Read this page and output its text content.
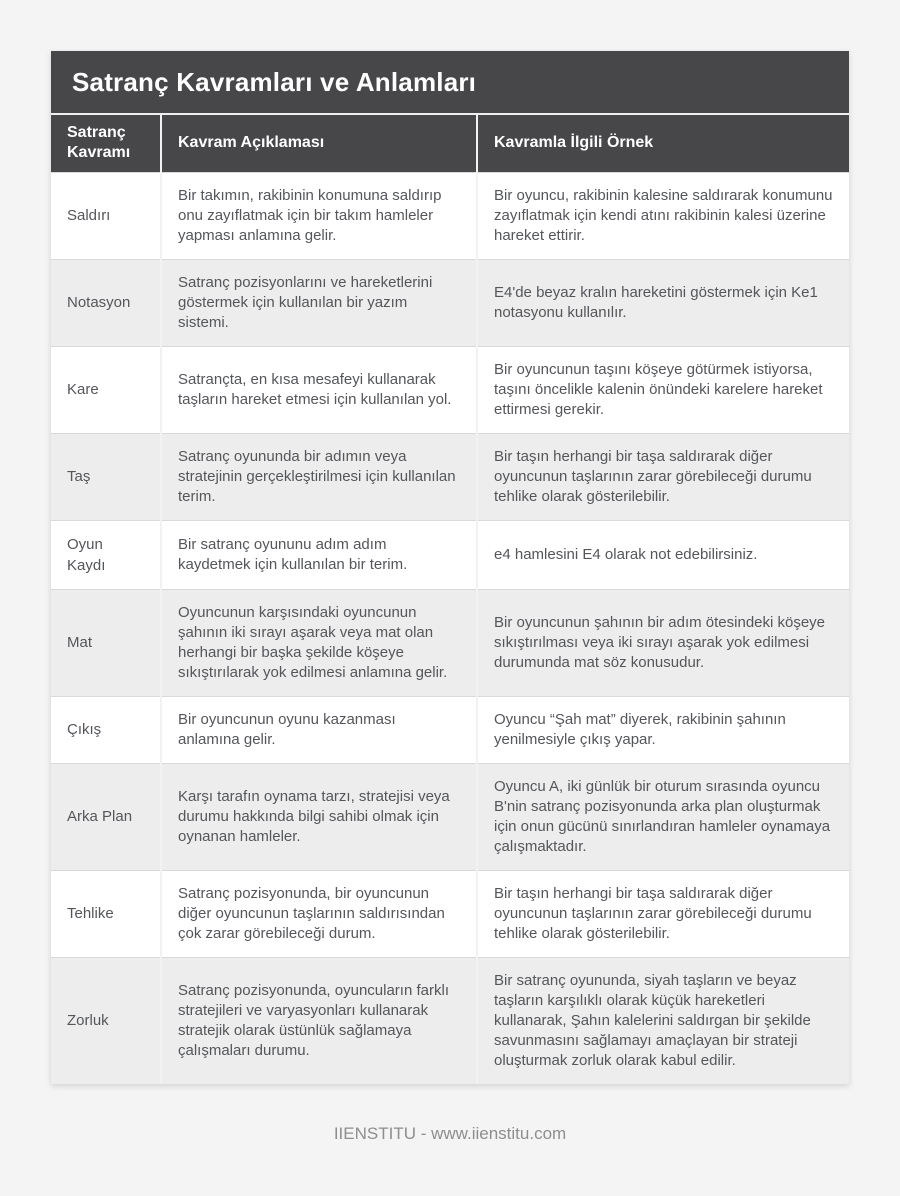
Satranç Kavramları ve Anlamları
Satranç Kavramı	Kavram Açıklaması	Kavramla İlgili Örnek
Saldırı	Bir takımın, rakibinin konumuna saldırıp onu zayıflatmak için bir takım hamleler yapması anlamına gelir.	Bir oyuncu, rakibinin kalesine saldırarak konumunu zayıflatmak için kendi atını rakibinin kalesi üzerine hareket ettirir.
Notasyon	Satranç pozisyonlarını ve hareketlerini göstermek için kullanılan bir yazım sistemi.	E4'de beyaz kralın hareketini göstermek için Ke1 notasyonu kullanılır.
Kare	Satrançta, en kısa mesafeyi kullanarak taşların hareket etmesi için kullanılan yol.	Bir oyuncunun taşını köşeye götürmek istiyorsa, taşını öncelikle kalenin önündeki karelere hareket ettirmesi gerekir.
Taş	Satranç oyununda bir adımın veya stratejinin gerçekleştirilmesi için kullanılan terim.	Bir taşın herhangi bir taşa saldırarak diğer oyuncunun taşlarının zarar görebileceği durumu tehlike olarak gösterilebilir.
Oyun Kaydı	Bir satranç oyununu adım adım kaydetmek için kullanılan bir terim.	e4 hamlesini E4 olarak not edebilirsiniz.
Mat	Oyuncunun karşısındaki oyuncunun şahının iki sırayı aşarak veya mat olan herhangi bir başka şekilde köşeye sıkıştırılarak yok edilmesi anlamına gelir.	Bir oyuncunun şahının bir adım ötesindeki köşeye sıkıştırılması veya iki sırayı aşarak yok edilmesi durumunda mat söz konusudur.
Çıkış	Bir oyuncunun oyunu kazanması anlamına gelir.	Oyuncu “Şah mat” diyerek, rakibinin şahının yenilmesiyle çıkış yapar.
Arka Plan	Karşı tarafın oynama tarzı, stratejisi veya durumu hakkında bilgi sahibi olmak için oynanan hamleler.	Oyuncu A, iki günlük bir oturum sırasında oyuncu B'nin satranç pozisyonunda arka plan oluşturmak için onun gücünü sınırlandıran hamleler oynamaya çalışmaktadır.
Tehlike	Satranç pozisyonunda, bir oyuncunun diğer oyuncunun taşlarının saldırısından çok zarar görebileceği durum.	Bir taşın herhangi bir taşa saldırarak diğer oyuncunun taşlarının zarar görebileceği durumu tehlike olarak gösterilebilir.
Zorluk	Satranç pozisyonunda, oyuncuların farklı stratejileri ve varyasyonları kullanarak stratejik olarak üstünlük sağlamaya çalışmaları durumu.	Bir satranç oyununda, siyah taşların ve beyaz taşların karşılıklı olarak küçük hareketleri kullanarak, Şahın kalelerini saldırgan bir şekilde savunmasını sağlamayı amaçlayan bir strateji oluşturmak zorluk olarak kabul edilir.
IIENSTITU - www.iienstitu.com
